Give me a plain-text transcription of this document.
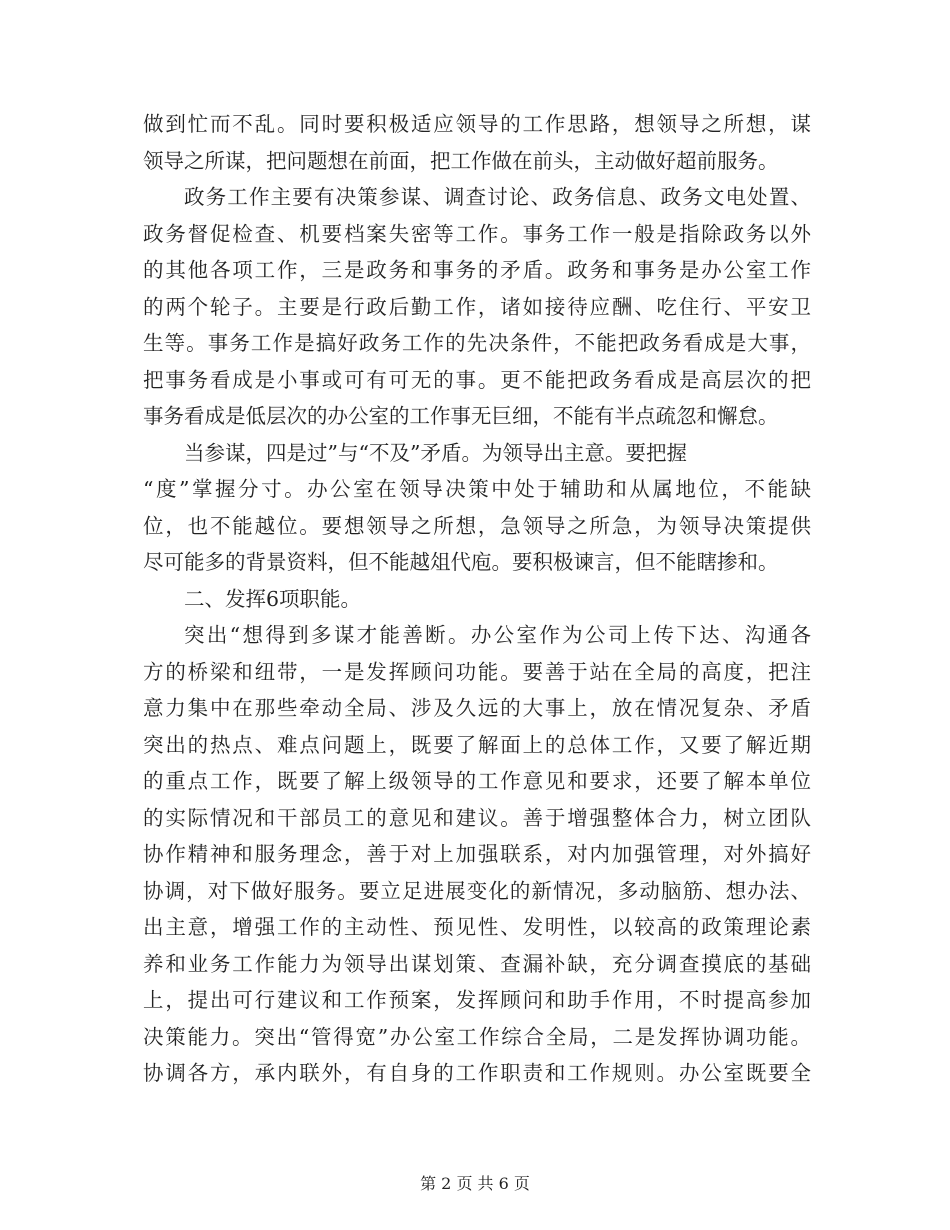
做到忙而不乱。同时要积极适应领导的工作思路，想领导之所想，谋
领导之所谋，把问题想在前面，把工作做在前头，主动做好超前服务。
政务工作主要有决策参谋、调查讨论、政务信息、政务文电处置、
政务督促检查、机要档案失密等工作。事务工作一般是指除政务以外
的其他各项工作，三是政务和事务的矛盾。政务和事务是办公室工作
的两个轮子。主要是行政后勤工作，诸如接待应酬、吃住行、平安卫
生等。事务工作是搞好政务工作的先决条件，不能把政务看成是大事，
把事务看成是小事或可有可无的事。更不能把政务看成是高层次的把
事务看成是低层次的办公室的工作事无巨细，不能有半点疏忽和懈怠。
当参谋，四是过”与“不及”矛盾。为领导出主意。要把握
“度”掌握分寸。办公室在领导决策中处于辅助和从属地位，不能缺
位，也不能越位。要想领导之所想，急领导之所急，为领导决策提供
尽可能多的背景资料，但不能越俎代庖。要积极谏言，但不能瞎掺和。
二、发挥6项职能。
突出“想得到多谋才能善断。办公室作为公司上传下达、沟通各
方的桥梁和纽带，一是发挥顾问功能。要善于站在全局的高度，把注
意力集中在那些牵动全局、涉及久远的大事上，放在情况复杂、矛盾
突出的热点、难点问题上，既要了解面上的总体工作，又要了解近期
的重点工作，既要了解上级领导的工作意见和要求，还要了解本单位
的实际情况和干部员工的意见和建议。善于增强整体合力，树立团队
协作精神和服务理念，善于对上加强联系，对内加强管理，对外搞好
协调，对下做好服务。要立足进展变化的新情况，多动脑筋、想办法、
出主意，增强工作的主动性、预见性、发明性，以较高的政策理论素
养和业务工作能力为领导出谋划策、查漏补缺，充分调查摸底的基础
上，提出可行建议和工作预案，发挥顾问和助手作用，不时提高参加
决策能力。突出“管得宽”办公室工作综合全局，二是发挥协调功能。
协调各方，承内联外，有自身的工作职责和工作规则。办公室既要全
第 2 页 共 6 页
